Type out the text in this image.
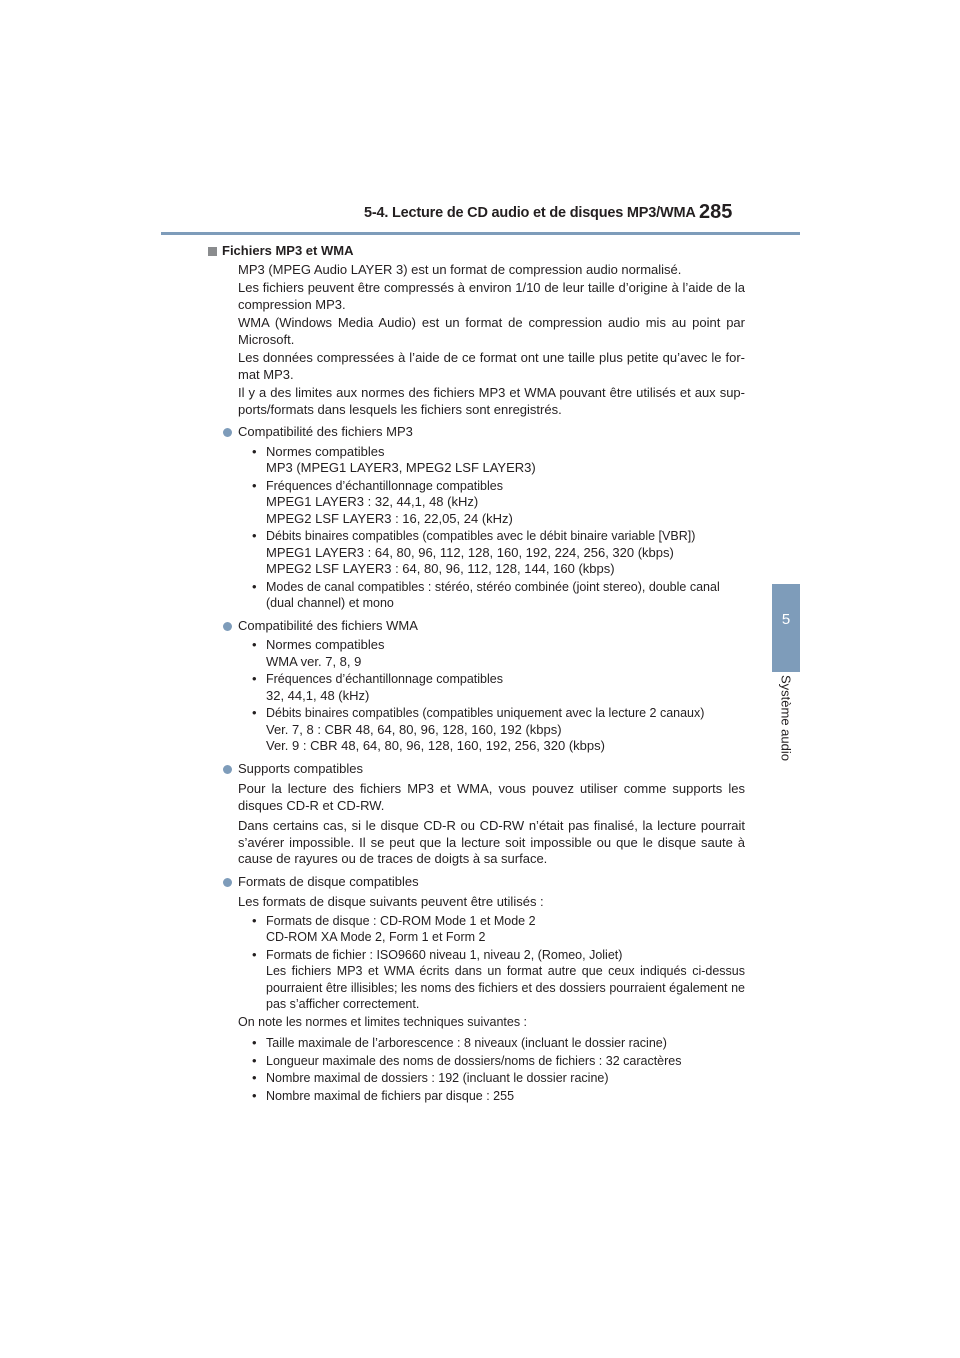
5-4. Lecture de CD audio et de disques MP3/WMA 285
5
Système audio
Fichiers MP3 et WMA
MP3 (MPEG Audio LAYER 3) est un format de compression audio normalisé.
Les fichiers peuvent être compressés à environ 1/10 de leur taille d’origine à l’aide de la compression MP3.
WMA (Windows Media Audio) est un format de compression audio mis au point par Microsoft.
Les données compressées à l’aide de ce format ont une taille plus petite qu’avec le for-mat MP3.
Il y a des limites aux normes des fichiers MP3 et WMA pouvant être utilisés et aux sup-ports/formats dans lesquels les fichiers sont enregistrés.
Compatibilité des fichiers MP3
• Normes compatibles
MP3 (MPEG1 LAYER3, MPEG2 LSF LAYER3)
• Fréquences d’échantillonnage compatibles
MPEG1 LAYER3 : 32, 44,1, 48 (kHz)
MPEG2 LSF LAYER3 : 16, 22,05, 24 (kHz)
• Débits binaires compatibles (compatibles avec le débit binaire variable [VBR])
MPEG1 LAYER3 : 64, 80, 96, 112, 128, 160, 192, 224, 256, 320 (kbps)
MPEG2 LSF LAYER3 : 64, 80, 96, 112, 128, 144, 160 (kbps)
• Modes de canal compatibles : stéréo, stéréo combinée (joint stereo), double canal (dual channel) et mono
Compatibilité des fichiers WMA
• Normes compatibles
WMA ver. 7, 8, 9
• Fréquences d’échantillonnage compatibles
32, 44,1, 48 (kHz)
• Débits binaires compatibles (compatibles uniquement avec la lecture 2 canaux)
Ver. 7, 8 : CBR 48, 64, 80, 96, 128, 160, 192 (kbps)
Ver. 9 : CBR 48, 64, 80, 96, 128, 160, 192, 256, 320 (kbps)
Supports compatibles
Pour la lecture des fichiers MP3 et WMA, vous pouvez utiliser comme supports les disques CD-R et CD-RW.
Dans certains cas, si le disque CD-R ou CD-RW n’était pas finalisé, la lecture pourrait s’avérer impossible. Il se peut que la lecture soit impossible ou que le disque saute à cause de rayures ou de traces de doigts à sa surface.
Formats de disque compatibles
Les formats de disque suivants peuvent être utilisés :
• Formats de disque : CD-ROM Mode 1 et Mode 2
CD-ROM XA Mode 2, Form 1 et Form 2
• Formats de fichier : ISO9660 niveau 1, niveau 2, (Romeo, Joliet)
Les fichiers MP3 et WMA écrits dans un format autre que ceux indiqués ci-dessus pourraient être illisibles; les noms des fichiers et des dossiers pourraient également ne pas s’afficher correctement.
On note les normes et limites techniques suivantes :
• Taille maximale de l’arborescence : 8 niveaux (incluant le dossier racine)
• Longueur maximale des noms de dossiers/noms de fichiers : 32 caractères
• Nombre maximal de dossiers : 192 (incluant le dossier racine)
• Nombre maximal de fichiers par disque : 255
